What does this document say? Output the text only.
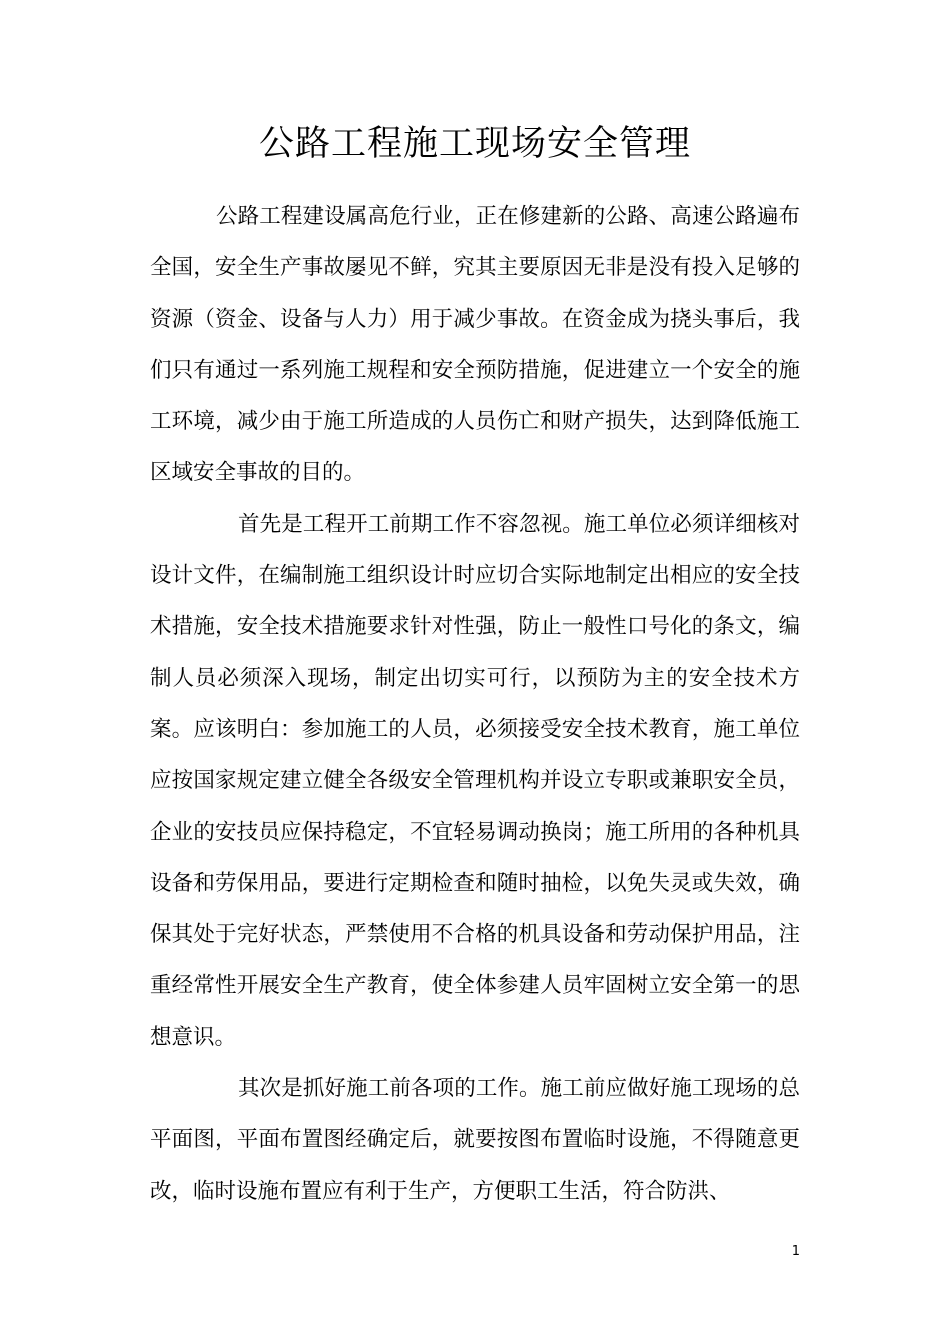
公路工程施工现场安全管理

公路工程建设属高危行业，正在修建新的公路、高速公路遍布全国，安全生产事故屡见不鲜，究其主要原因无非是没有投入足够的资源（资金、设备与人力）用于减少事故。在资金成为挠头事后，我们只有通过一系列施工规程和安全预防措施，促进建立一个安全的施工环境，减少由于施工所造成的人员伤亡和财产损失，达到降低施工区域安全事故的目的。

首先是工程开工前期工作不容忽视。施工单位必须详细核对设计文件，在编制施工组织设计时应切合实际地制定出相应的安全技术措施，安全技术措施要求针对性强，防止一般性口号化的条文，编制人员必须深入现场，制定出切实可行，以预防为主的安全技术方案。应该明白：参加施工的人员，必须接受安全技术教育，施工单位应按国家规定建立健全各级安全管理机构并设立专职或兼职安全员，企业的安技员应保持稳定，不宜轻易调动换岗；施工所用的各种机具设备和劳保用品，要进行定期检查和随时抽检，以免失灵或失效，确保其处于完好状态，严禁使用不合格的机具设备和劳动保护用品，注重经常性开展安全生产教育，使全体参建人员牢固树立安全第一的思想意识。

其次是抓好施工前各项的工作。施工前应做好施工现场的总平面图，平面布置图经确定后，就要按图布置临时设施，不得随意更改，临时设施布置应有利于生产，方便职工生活，符合防洪、

1
